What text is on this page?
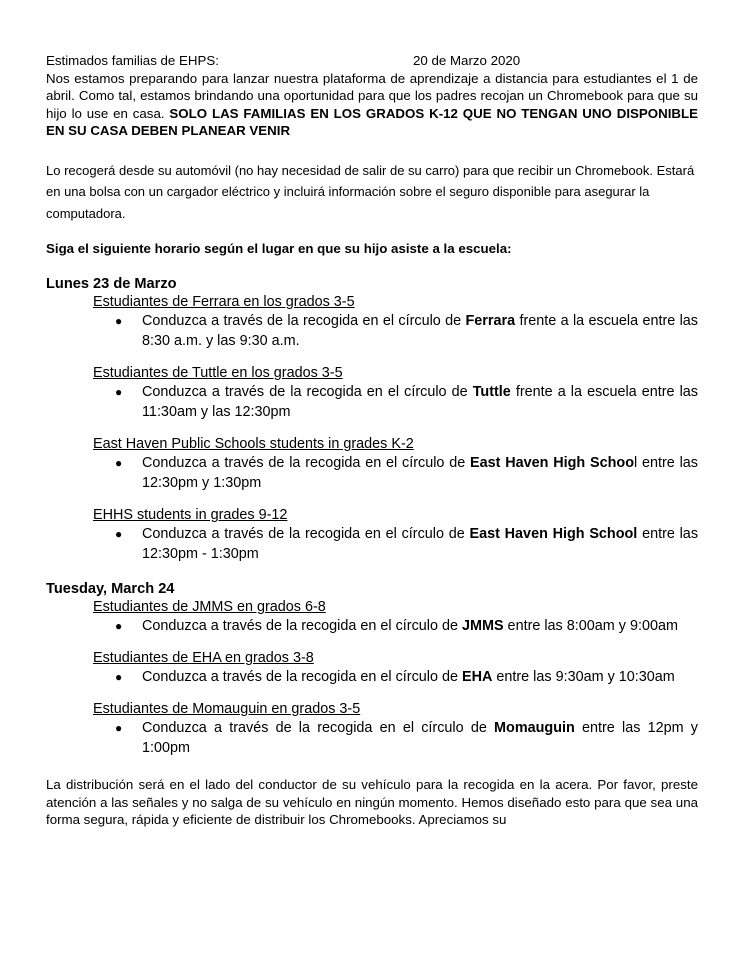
Estimados familias de EHPS:	20 de Marzo 2020

Nos estamos preparando para lanzar nuestra plataforma de aprendizaje a distancia para estudiantes el 1 de abril. Como tal, estamos brindando una oportunidad para que los padres recojan un Chromebook para que su hijo lo use en casa. SOLO LAS FAMILIAS EN LOS GRADOS K-12 QUE NO TENGAN UNO DISPONIBLE EN SU CASA DEBEN PLANEAR VENIR

Lo recogerá desde su automóvil (no hay necesidad de salir de su carro) para que recibir un Chromebook. Estará en una bolsa con un cargador eléctrico y incluirá información sobre el seguro disponible para asegurar la computadora.

Siga el siguiente horario según el lugar en que su hijo asiste a la escuela:

Lunes 23 de Marzo

Estudiantes de Ferrara en los grados 3-5
●	Conduzca a través de la recogida en el círculo de Ferrara frente a la escuela entre las 8:30 a.m. y las 9:30 a.m.
Estudiantes de Tuttle en los grados 3-5
●	Conduzca a través de la recogida en el círculo de Tuttle frente a la escuela entre las 11:30am y las 12:30pm
East Haven Public Schools students in grades K-2
●	Conduzca a través de la recogida en el círculo de East Haven High School entre las 12:30pm y 1:30pm
EHHS students in grades 9-12
●	Conduzca a través de la recogida en el círculo de East Haven High School entre las 12:30pm - 1:30pm

Tuesday, March 24

Estudiantes de JMMS en grados 6-8
●	Conduzca a través de la recogida en el círculo de JMMS entre las 8:00am y 9:00am
Estudiantes de EHA en grados 3-8
●	Conduzca a través de la recogida en el círculo de EHA entre las 9:30am y 10:30am
Estudiantes de Momauguin en grados 3-5
●	Conduzca a través de la recogida en el círculo de Momauguin entre las 12pm y 1:00pm

La distribución será en el lado del conductor de su vehículo para la recogida en la acera. Por favor, preste atención a las señales y no salga de su vehículo en ningún momento. Hemos diseñado esto para que sea una forma segura, rápida y eficiente de distribuir los Chromebooks. Apreciamos su
